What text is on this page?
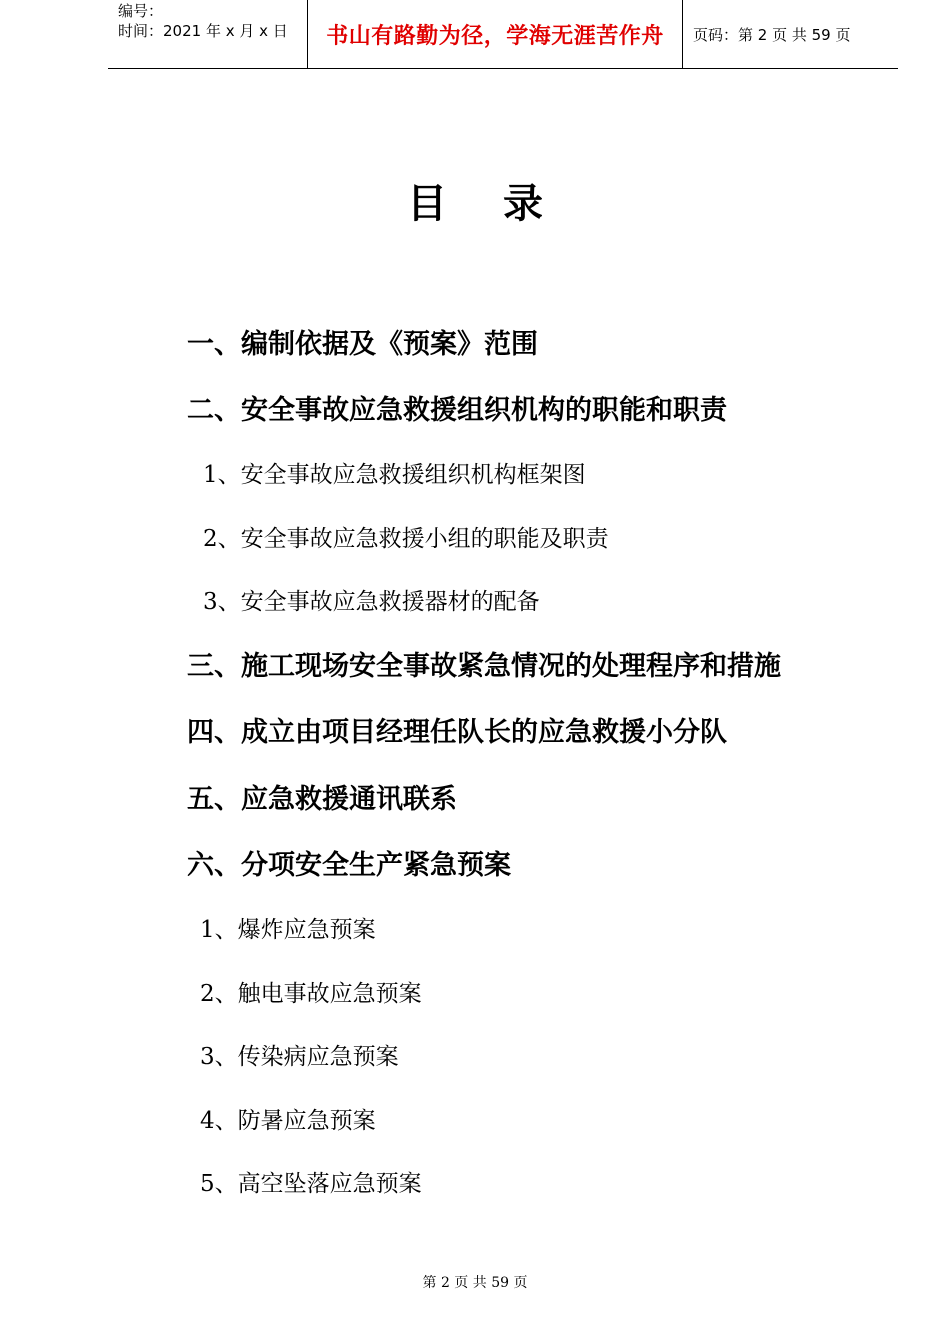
编号：
时间：2021 年 x 月 x 日	书山有路勤为径，学海无涯苦作舟	页码：第 2 页 共 59 页
目录
一、编制依据及《预案》范围
二、安全事故应急救援组织机构的职能和职责
1、安全事故应急救援组织机构框架图
2、安全事故应急救援小组的职能及职责
3、安全事故应急救援器材的配备
三、施工现场安全事故紧急情况的处理程序和措施
四、成立由项目经理任队长的应急救援小分队
五、应急救援通讯联系
六、分项安全生产紧急预案
1、爆炸应急预案
2、触电事故应急预案
3、传染病应急预案
4、防暑应急预案
5、高空坠落应急预案
第 2 页 共 59 页
